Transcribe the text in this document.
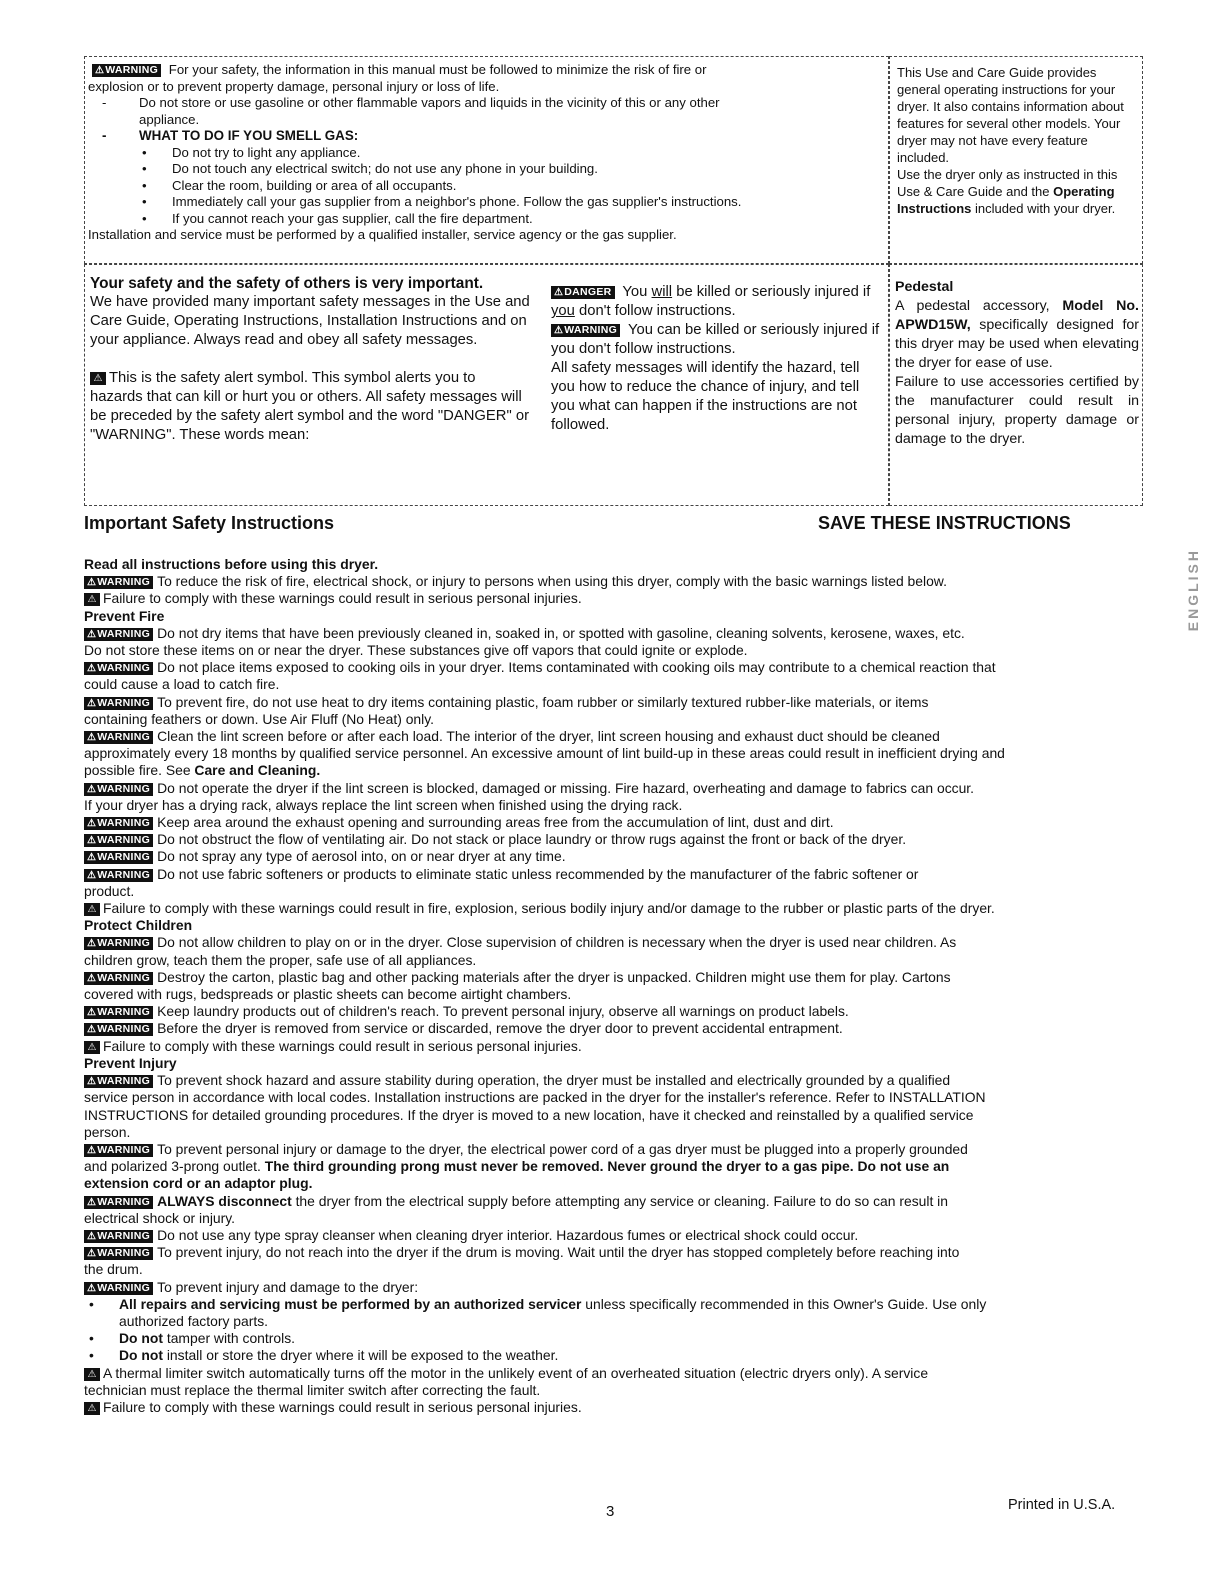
⚠WARNING For your safety, the information in this manual must be followed to minimize the risk of fire or

explosion or to prevent property damage, personal injury or loss of life.

Do not store or use gasoline or other flammable vapors and liquids in the vicinity of this or any other

appliance.

WHAT TO DO IF YOU SMELL GAS:

Do not try to light any appliance.

Do not touch any electrical switch; do not use any phone in your building.

Clear the room, building or area of all occupants.

Immediately call your gas supplier from a neighbor's phone. Follow the gas supplier's instructions.

If you cannot reach your gas supplier, call the fire department.

Installation and service must be performed by a qualified installer, service agency or the gas supplier.

This Use and Care Guide provides general operating instructions for your dryer. It also contains information about features for several other models. Your dryer may not have every feature included.

Use the dryer only as instructed in this Use & Care Guide and the Operating Instructions included with your dryer.

Your safety and the safety of others is very important.

We have provided many important safety messages in the Use and Care Guide, Operating Instructions, Installation Instructions and on your appliance. Always read and obey all safety messages.

⚠ This is the safety alert symbol. This symbol alerts you to hazards that can kill or hurt you or others. All safety messages will be preceded by the safety alert symbol and the word "DANGER" or "WARNING". These words mean:

⚠DANGER You will be killed or seriously injured if you don't follow instructions.

⚠WARNING You can be killed or seriously injured if you don't follow instructions.

All safety messages will identify the hazard, tell you how to reduce the chance of injury, and tell you what can happen if the instructions are not followed.

Pedestal

A pedestal accessory, Model No. APWD15W, specifically designed for this dryer may be used when elevating the dryer for ease of use.

Failure to use accessories certified by the manufacturer could result in personal injury, property damage or damage to the dryer.

Important Safety Instructions	SAVE THESE INSTRUCTIONS
ENGLISH

Read all instructions before using this dryer.

⚠WARNING To reduce the risk of fire, electrical shock, or injury to persons when using this dryer, comply with the basic warnings listed below.

⚠ Failure to comply with these warnings could result in serious personal injuries.

Prevent Fire

⚠WARNING Do not dry items that have been previously cleaned in, soaked in, or spotted with gasoline, cleaning solvents, kerosene, waxes, etc.

Do not store these items on or near the dryer. These substances give off vapors that could ignite or explode.

⚠WARNING Do not place items exposed to cooking oils in your dryer. Items contaminated with cooking oils may contribute to a chemical reaction that

could cause a load to catch fire.

⚠WARNING To prevent fire, do not use heat to dry items containing plastic, foam rubber or similarly textured rubber-like materials, or items

containing feathers or down. Use Air Fluff (No Heat) only.

⚠WARNING Clean the lint screen before or after each load. The interior of the dryer, lint screen housing and exhaust duct should be cleaned

approximately every 18 months by qualified service personnel. An excessive amount of lint build-up in these areas could result in inefficient drying and

possible fire. See Care and Cleaning.

⚠WARNING Do not operate the dryer if the lint screen is blocked, damaged or missing. Fire hazard, overheating and damage to fabrics can occur.

If your dryer has a drying rack, always replace the lint screen when finished using the drying rack.

⚠WARNING Keep area around the exhaust opening and surrounding areas free from the accumulation of lint, dust and dirt.

⚠WARNING Do not obstruct the flow of ventilating air. Do not stack or place laundry or throw rugs against the front or back of the dryer.

⚠WARNING Do not spray any type of aerosol into, on or near dryer at any time.

⚠WARNING Do not use fabric softeners or products to eliminate static unless recommended by the manufacturer of the fabric softener or

product.

⚠ Failure to comply with these warnings could result in fire, explosion, serious bodily injury and/or damage to the rubber or plastic parts of the dryer.

Protect Children

⚠WARNING Do not allow children to play on or in the dryer. Close supervision of children is necessary when the dryer is used near children. As

children grow, teach them the proper, safe use of all appliances.

⚠WARNING Destroy the carton, plastic bag and other packing materials after the dryer is unpacked. Children might use them for play. Cartons

covered with rugs, bedspreads or plastic sheets can become airtight chambers.

⚠WARNING Keep laundry products out of children's reach. To prevent personal injury, observe all warnings on product labels.

⚠WARNING Before the dryer is removed from service or discarded, remove the dryer door to prevent accidental entrapment.

⚠ Failure to comply with these warnings could result in serious personal injuries.

Prevent Injury

⚠WARNING To prevent shock hazard and assure stability during operation, the dryer must be installed and electrically grounded by a qualified

service person in accordance with local codes. Installation instructions are packed in the dryer for the installer's reference. Refer to INSTALLATION

INSTRUCTIONS for detailed grounding procedures. If the dryer is moved to a new location, have it checked and reinstalled by a qualified service

person.

⚠WARNING To prevent personal injury or damage to the dryer, the electrical power cord of a gas dryer must be plugged into a properly grounded

and polarized 3-prong outlet. The third grounding prong must never be removed. Never ground the dryer to a gas pipe. Do not use an

extension cord or an adaptor plug.

⚠WARNING ALWAYS disconnect the dryer from the electrical supply before attempting any service or cleaning. Failure to do so can result in

electrical shock or injury.

⚠WARNING Do not use any type spray cleanser when cleaning dryer interior. Hazardous fumes or electrical shock could occur.

⚠WARNING To prevent injury, do not reach into the dryer if the drum is moving. Wait until the dryer has stopped completely before reaching into

the drum.

⚠WARNING To prevent injury and damage to the dryer:

All repairs and servicing must be performed by an authorized servicer unless specifically recommended in this Owner's Guide. Use only

authorized factory parts.

Do not tamper with controls.

Do not install or store the dryer where it will be exposed to the weather.

⚠ A thermal limiter switch automatically turns off the motor in the unlikely event of an overheated situation (electric dryers only). A service

technician must replace the thermal limiter switch after correcting the fault.

⚠ Failure to comply with these warnings could result in serious personal injuries.

3	Printed in U.S.A.
